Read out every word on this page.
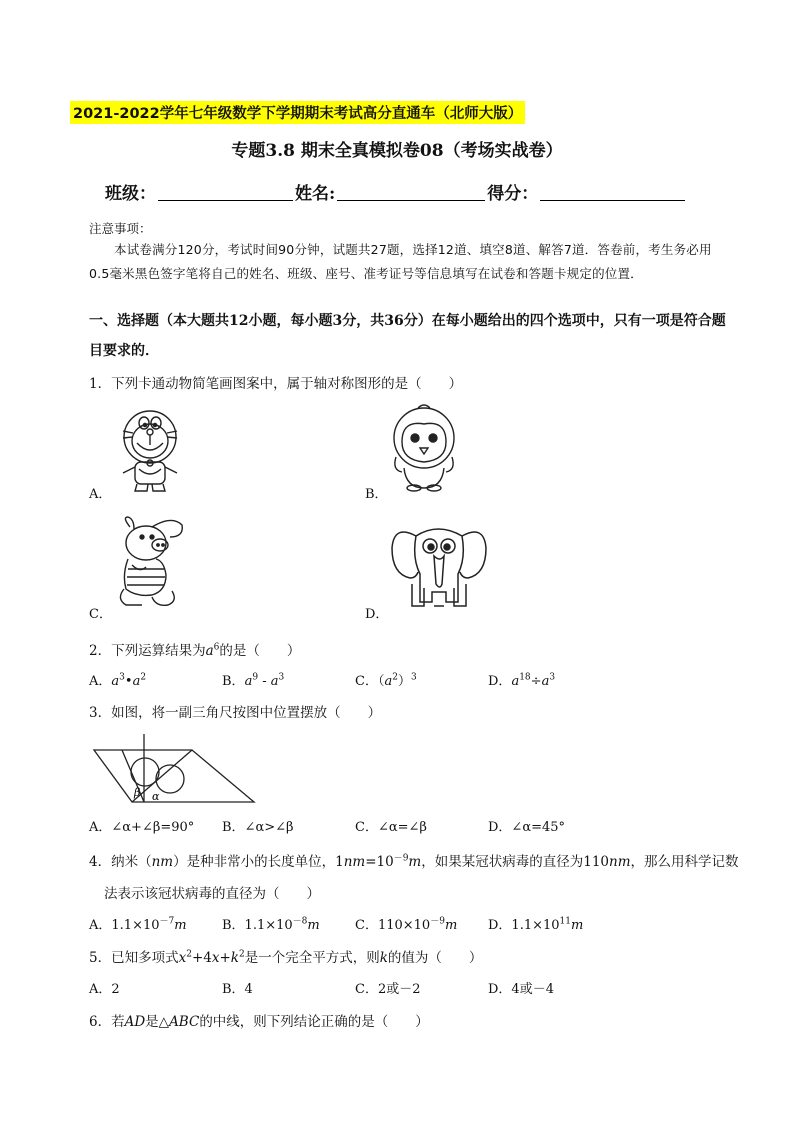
2021-2022学年七年级数学下学期期末考试高分直通车（北师大版）
专题3.8 期末全真模拟卷08（考场实战卷）
班级：	姓名:	得分：
注意事项：
本试卷满分120分，考试时间90分钟，试题共27题，选择12道、填空8道、解答7道．答卷前，考生务必用0.5毫米黑色签字笔将自己的姓名、班级、座号、准考证号等信息填写在试卷和答题卡规定的位置．
一、选择题（本大题共12小题，每小题3分，共36分）在每小题给出的四个选项中，只有一项是符合题目要求的．
1．下列卡通动物简笔画图案中，属于轴对称图形的是（　　）
A．	B．
C．	D．
2．下列运算结果为$a^6$的是（　　）
A．$a^3•a^2$	B．$a^9 - a^3$	C．$(a^2)^3$	D．$a^{18}\div a^3$
3．如图，将一副三角尺按图中位置摆放（　　）
β α
A．∠α+∠β=90°	B．∠α>∠β	C．∠α=∠β	D．∠α=45°
4．纳米（nm）是种非常小的长度单位，$1nm=10^{-9}m$，如果某冠状病毒的直径为110nm，那么用科学记数
法表示该冠状病毒的直径为（　　）
A．$1.1\times 10^{-7}m$	B．$1.1\times 10^{-8}m$	C．$110\times 10^{-9}m$	D．$1.1\times 10^{11}m$
5．已知多项式$x^2+4x+k^2$是一个完全平方式，则k的值为（　　）
A．2	B．4	C．2或－2	D．4或－4
6．若AD是△ABC的中线，则下列结论正确的是（　　）
